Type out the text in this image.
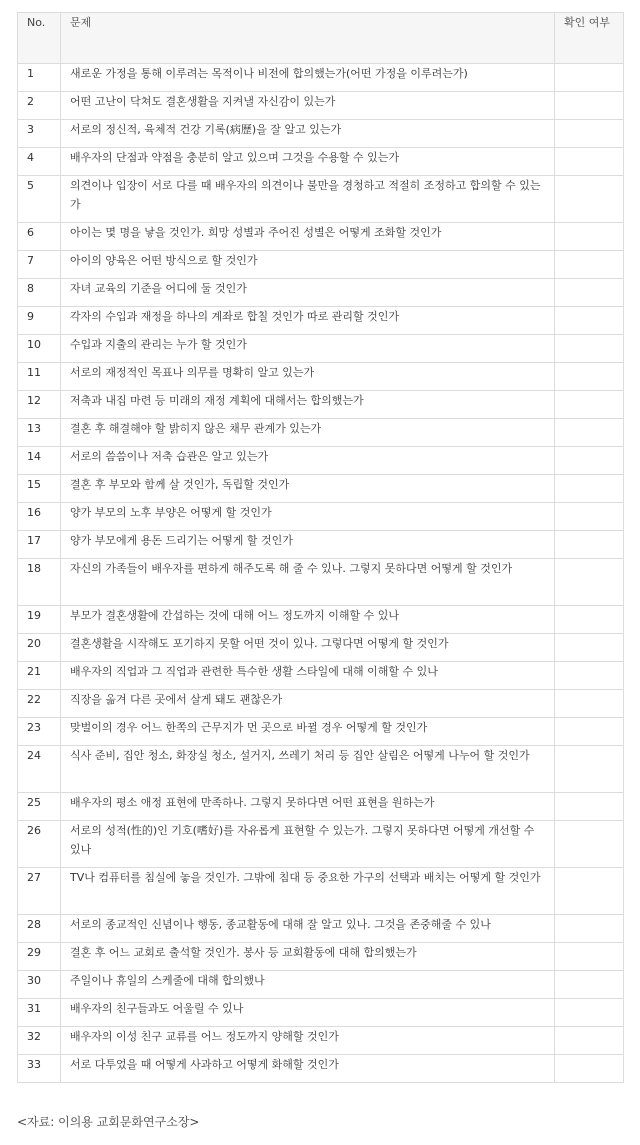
No.	문제	확인 여부
1	새로운 가정을 통해 이루려는 목적이나 비전에 합의했는가(어떤 가정을 이루려는가)	
2	어떤 고난이 닥쳐도 결혼생활을 지켜낼 자신감이 있는가	
3	서로의 정신적, 육체적 건강 기록(病歷)을 잘 알고 있는가	
4	배우자의 단점과 약점을 충분히 알고 있으며 그것을 수용할 수 있는가	
5	의견이나 입장이 서로 다를 때 배우자의 의견이나 불만을 경청하고 적절히 조정하고 합의할 수 있는가	
6	아이는 몇 명을 낳을 것인가. 희망 성별과 주어진 성별은 어떻게 조화할 것인가	
7	아이의 양육은 어떤 방식으로 할 것인가	
8	자녀 교육의 기준을 어디에 둘 것인가	
9	각자의 수입과 재정을 하나의 계좌로 합칠 것인가 따로 관리할 것인가	
10	수입과 지출의 관리는 누가 할 것인가	
11	서로의 재정적인 목표나 의무를 명확히 알고 있는가	
12	저축과 내집 마련 등 미래의 재정 계획에 대해서는 합의했는가	
13	결혼 후 해결해야 할 밝히지 않은 채무 관계가 있는가	
14	서로의 씀씀이나 저축 습관은 알고 있는가	
15	결혼 후 부모와 함께 살 것인가, 독립할 것인가	
16	양가 부모의 노후 부양은 어떻게 할 것인가	
17	양가 부모에게 용돈 드리기는 어떻게 할 것인가	
18	자신의 가족들이 배우자를 편하게 해주도록 해 줄 수 있나. 그렇지 못하다면 어떻게 할 것인가	
19	부모가 결혼생활에 간섭하는 것에 대해 어느 정도까지 이해할 수 있나	
20	결혼생활을 시작해도 포기하지 못할 어떤 것이 있나. 그렇다면 어떻게 할 것인가	
21	배우자의 직업과 그 직업과 관련한 특수한 생활 스타일에 대해 이해할 수 있나	
22	직장을 옮겨 다른 곳에서 살게 돼도 괜찮은가	
23	맞벌이의 경우 어느 한쪽의 근무지가 먼 곳으로 바뀔 경우 어떻게 할 것인가	
24	식사 준비, 집안 청소, 화장실 청소, 설거지, 쓰레기 처리 등 집안 살림은 어떻게 나누어 할 것인가	
25	배우자의 평소 애정 표현에 만족하나. 그렇지 못하다면 어떤 표현을 원하는가	
26	서로의 성적(性的)인 기호(嗜好)를 자유롭게 표현할 수 있는가. 그렇지 못하다면 어떻게 개선할 수 있나	
27	TV나 컴퓨터를 침실에 놓을 것인가. 그밖에 침대 등 중요한 가구의 선택과 배치는 어떻게 할 것인가	
28	서로의 종교적인 신념이나 행동, 종교활동에 대해 잘 알고 있나. 그것을 존중해줄 수 있나	
29	결혼 후 어느 교회로 출석할 것인가. 봉사 등 교회활동에 대해 합의했는가	
30	주일이나 휴일의 스케줄에 대해 합의했나	
31	배우자의 친구들과도 어울릴 수 있나	
32	배우자의 이성 친구 교류를 어느 정도까지 양해할 것인가	
33	서로 다투었을 때 어떻게 사과하고 어떻게 화해할 것인가	
<자료: 이의용 교회문화연구소장>
